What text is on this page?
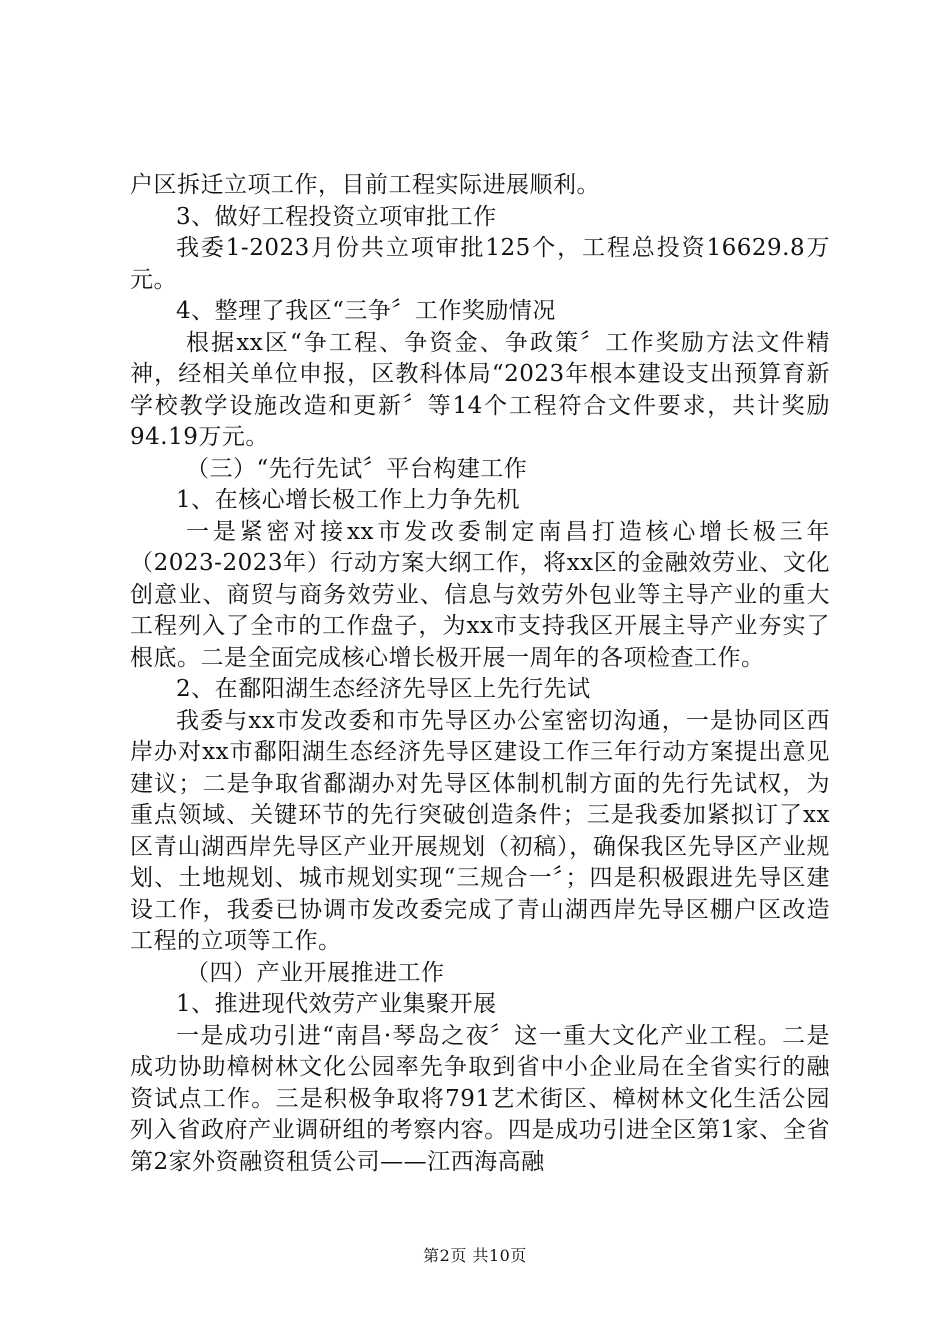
户区拆迁立项工作，目前工程实际进展顺利。

3、做好工程投资立项审批工作

我委1-2023月份共立项审批125个，工程总投资16629.8万元。

4、整理了我区“三争〞工作奖励情况

根据xx区“争工程、争资金、争政策〞工作奖励方法文件精神，经相关单位申报，区教科体局“2023年根本建设支出预算育新学校教学设施改造和更新〞等14个工程符合文件要求，共计奖励94.19万元。

（三）“先行先试〞平台构建工作

1、在核心增长极工作上力争先机

一是紧密对接xx市发改委制定南昌打造核心增长极三年（2023-2023年）行动方案大纲工作，将xx区的金融效劳业、文化创意业、商贸与商务效劳业、信息与效劳外包业等主导产业的重大工程列入了全市的工作盘子，为xx市支持我区开展主导产业夯实了根底。二是全面完成核心增长极开展一周年的各项检查工作。

2、在鄱阳湖生态经济先导区上先行先试

我委与xx市发改委和市先导区办公室密切沟通，一是协同区西岸办对xx市鄱阳湖生态经济先导区建设工作三年行动方案提出意见建议；二是争取省鄱湖办对先导区体制机制方面的先行先试权，为重点领域、关键环节的先行突破创造条件；三是我委加紧拟订了xx区青山湖西岸先导区产业开展规划（初稿），确保我区先导区产业规划、土地规划、城市规划实现“三规合一〞；四是积极跟进先导区建设工作，我委已协调市发改委完成了青山湖西岸先导区棚户区改造工程的立项等工作。

（四）产业开展推进工作

1、推进现代效劳产业集聚开展

一是成功引进“南昌·琴岛之夜〞这一重大文化产业工程。二是成功协助樟树林文化公园率先争取到省中小企业局在全省实行的融资试点工作。三是积极争取将791艺术街区、樟树林文化生活公园列入省政府产业调研组的考察内容。四是成功引进全区第1家、全省第2家外资融资租赁公司——江西海高融

第2页 共10页
